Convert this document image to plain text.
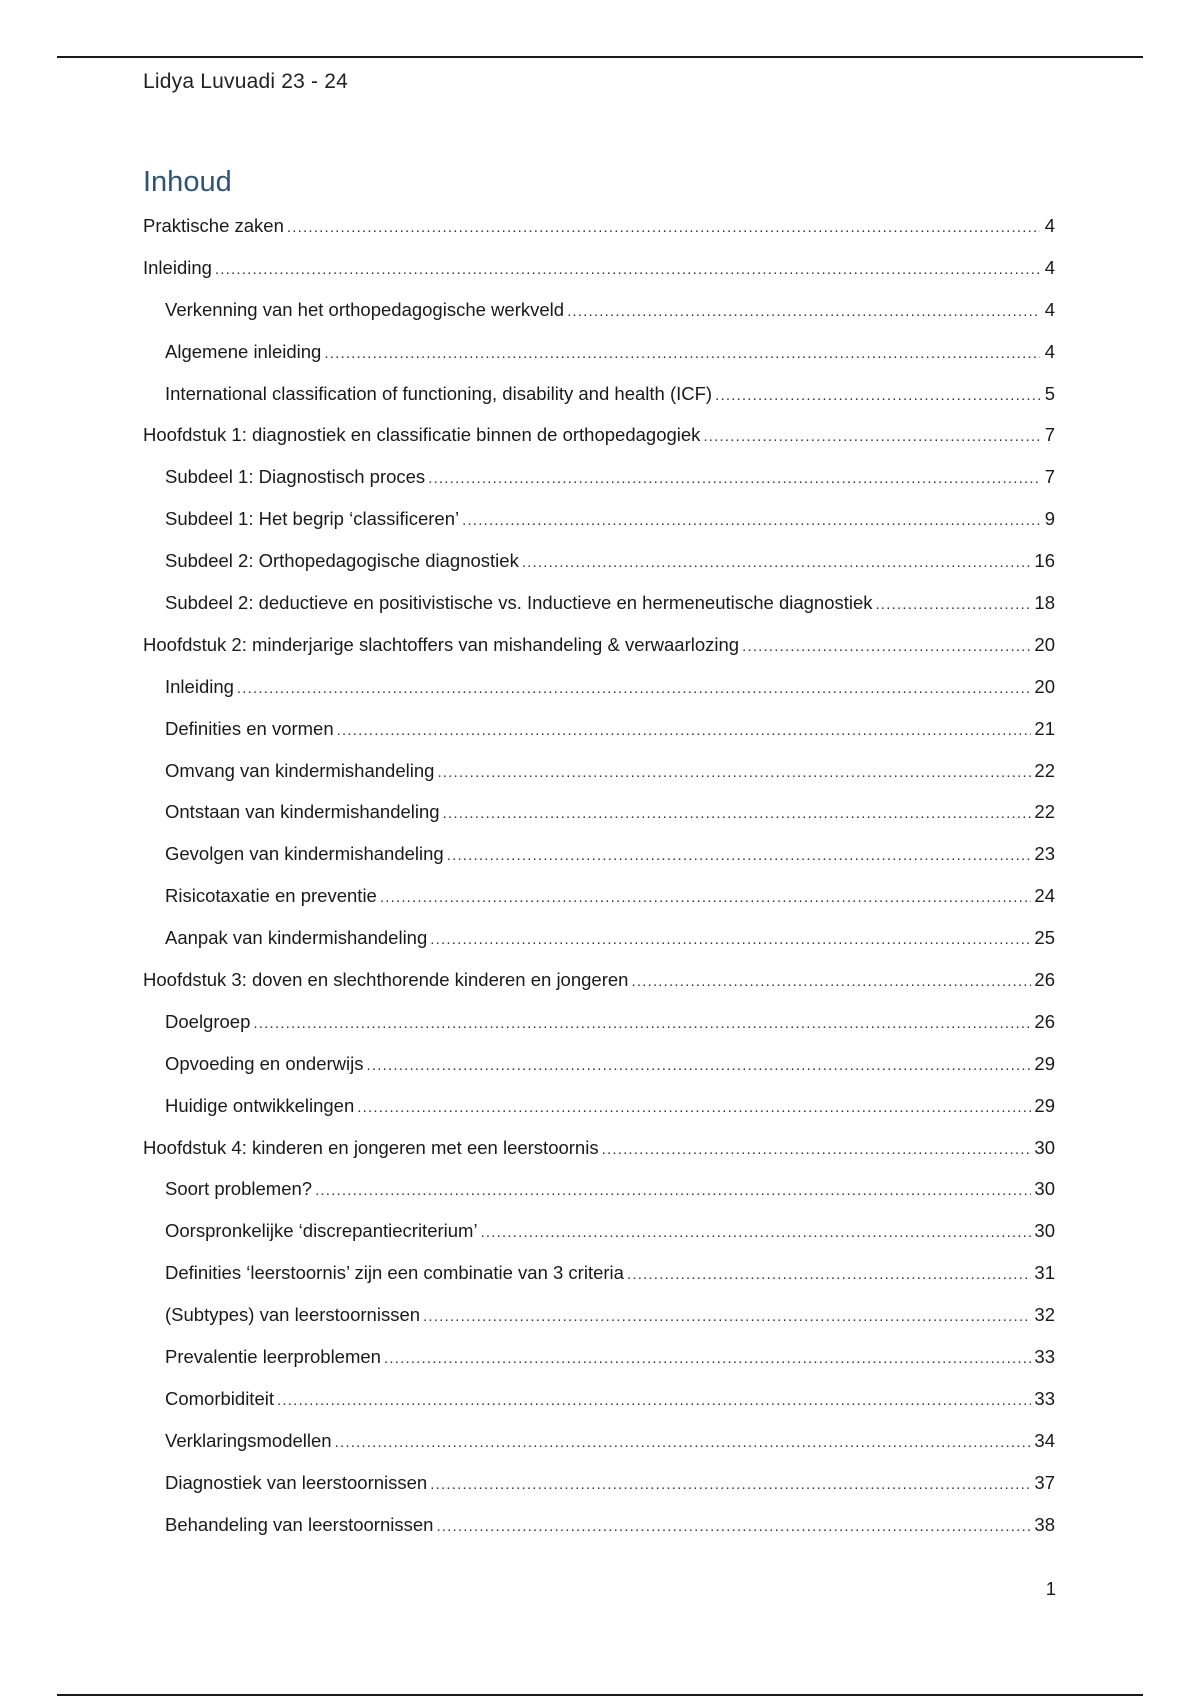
Lidya Luvuadi 23 - 24
Inhoud
Praktische zaken .....	4
Inleiding .....	4
Verkenning van het orthopedagogische werkveld .....	4
Algemene inleiding .....	4
International classification of functioning, disability and health (ICF) .....	5
Hoofdstuk 1: diagnostiek en classificatie binnen de orthopedagogiek .....	7
Subdeel 1: Diagnostisch proces .....	7
Subdeel 1: Het begrip ‘classificeren’ .....	9
Subdeel 2: Orthopedagogische diagnostiek .....	16
Subdeel 2: deductieve en positivistische vs. Inductieve en hermeneutische diagnostiek .....	18
Hoofdstuk 2: minderjarige slachtoffers van mishandeling & verwaarlozing .....	20
Inleiding .....	20
Definities en vormen .....	21
Omvang van kindermishandeling .....	22
Ontstaan van kindermishandeling .....	22
Gevolgen van kindermishandeling .....	23
Risicotaxatie en preventie .....	24
Aanpak van kindermishandeling .....	25
Hoofdstuk 3: doven en slechthorende kinderen en jongeren .....	26
Doelgroep .....	26
Opvoeding en onderwijs .....	29
Huidige ontwikkelingen .....	29
Hoofdstuk 4: kinderen en jongeren met een leerstoornis .....	30
Soort problemen? .....	30
Oorspronkelijke ‘discrepantiecriterium’ .....	30
Definities ‘leerstoornis’ zijn een combinatie van 3 criteria .....	31
(Subtypes) van leerstoornissen .....	32
Prevalentie leerproblemen .....	33
Comorbiditeit .....	33
Verklaringsmodellen .....	34
Diagnostiek van leerstoornissen .....	37
Behandeling van leerstoornissen .....	38
1
